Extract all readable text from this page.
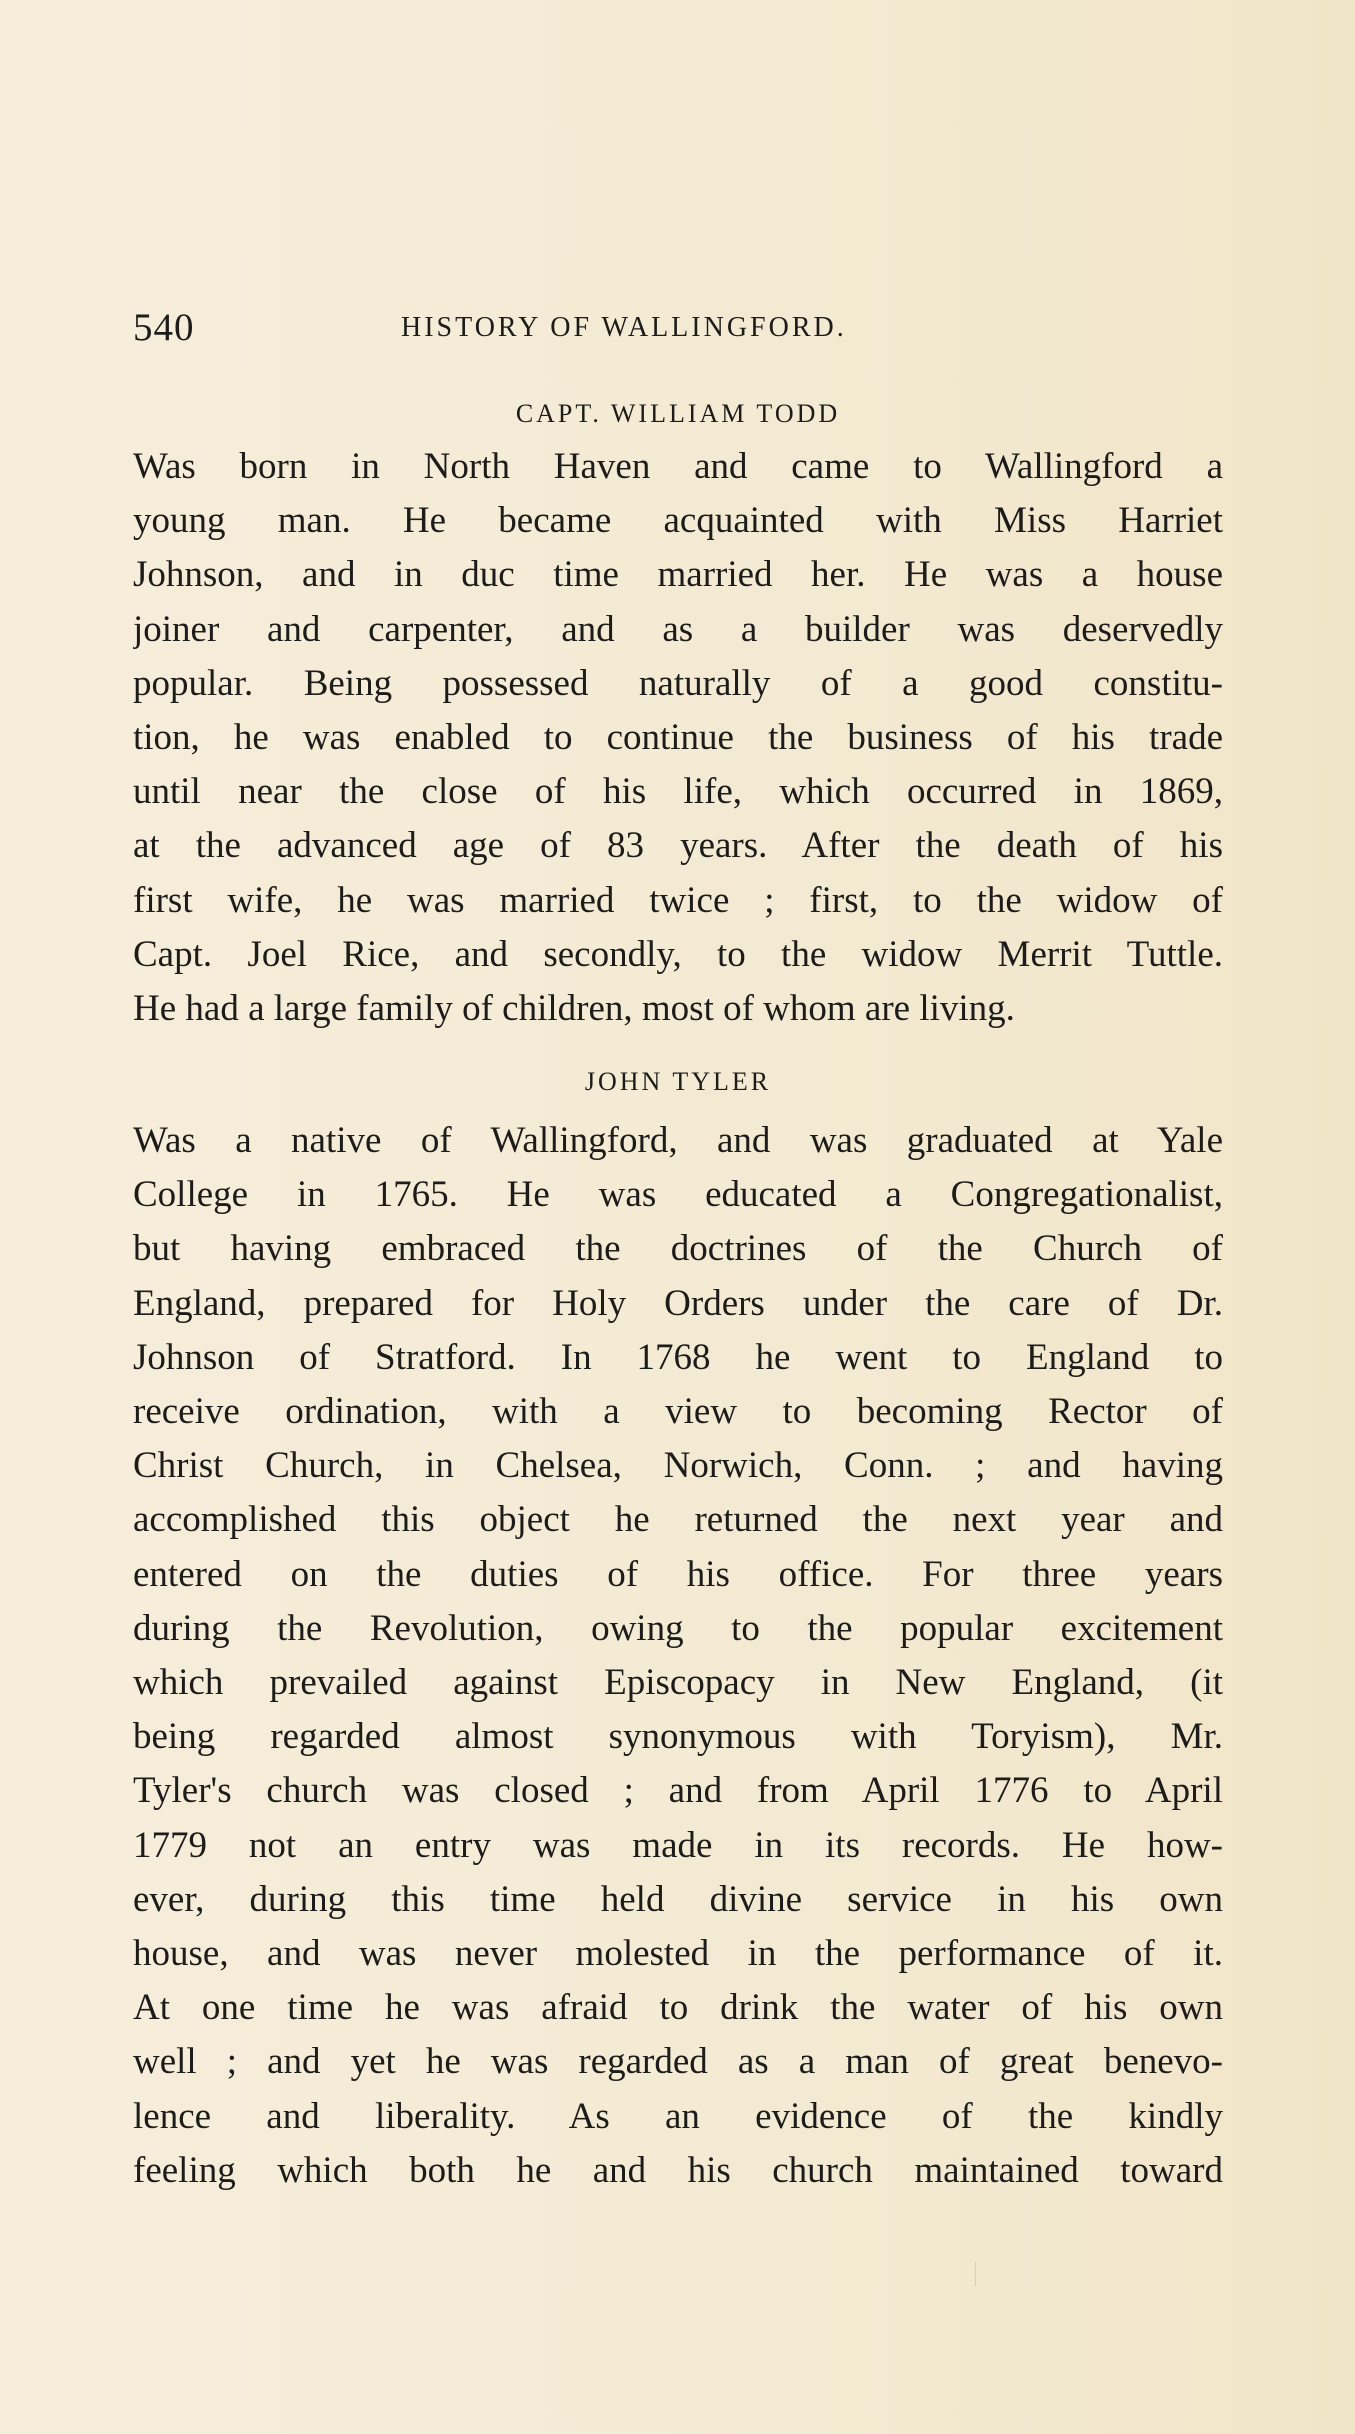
540	HISTORY OF WALLINGFORD.
CAPT. WILLIAM TODD
Was born in North Haven and came to Wallingford a
young man. He became acquainted with Miss Harriet
Johnson, and in duc time married her. He was a house
joiner and carpenter, and as a builder was deservedly
popular. Being possessed naturally of a good constitu-
tion, he was enabled to continue the business of his trade
until near the close of his life, which occurred in 1869,
at the advanced age of 83 years. After the death of his
first wife, he was married twice ; first, to the widow of
Capt. Joel Rice, and secondly, to the widow Merrit Tuttle.
He had a large family of children, most of whom are living.
JOHN TYLER
Was a native of Wallingford, and was graduated at Yale
College in 1765. He was educated a Congregationalist,
but having embraced the doctrines of the Church of
England, prepared for Holy Orders under the care of Dr.
Johnson of Stratford. In 1768 he went to England to
receive ordination, with a view to becoming Rector of
Christ Church, in Chelsea, Norwich, Conn. ; and having
accomplished this object he returned the next year and
entered on the duties of his office. For three years
during the Revolution, owing to the popular excitement
which prevailed against Episcopacy in New England, (it
being regarded almost synonymous with Toryism), Mr.
Tyler's church was closed ; and from April 1776 to April
1779 not an entry was made in its records. He how-
ever, during this time held divine service in his own
house, and was never molested in the performance of it.
At one time he was afraid to drink the water of his own
well ; and yet he was regarded as a man of great benevo-
lence and liberality. As an evidence of the kindly
feeling which both he and his church maintained toward
